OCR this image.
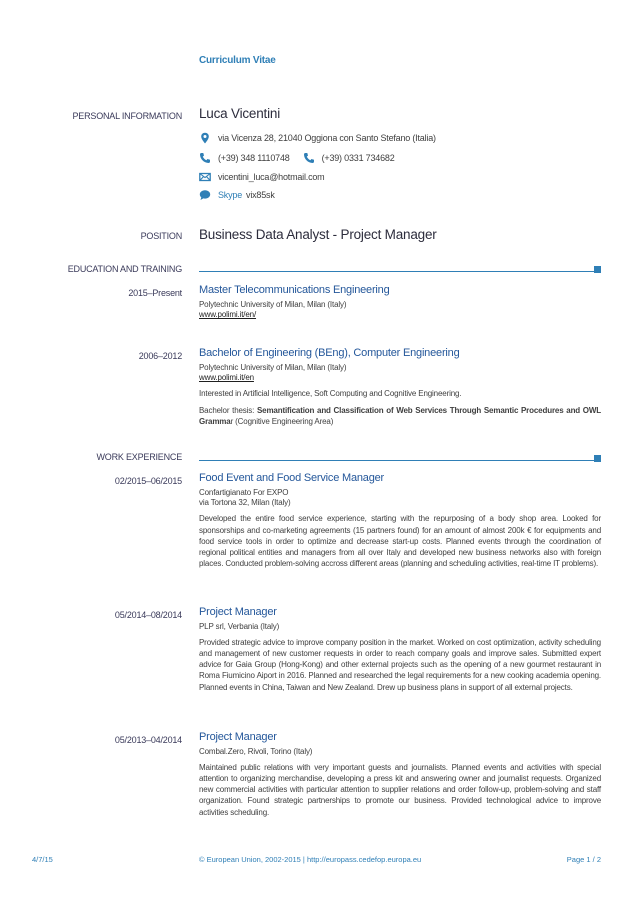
Curriculum Vitae
PERSONAL INFORMATION Luca Vicentini
via Vicenza 28, 21040 Oggiona con Santo Stefano (Italia)
(+39) 348 1110748	(+39) 0331 734682
vicentini_luca@hotmail.com
Skype vix85sk
POSITION Business Data Analyst - Project Manager
EDUCATION AND TRAINING
2015–Present Master Telecommunications Engineering
Polytechnic University of Milan, Milan (Italy)
www.polimi.it/en/
2006–2012 Bachelor of Engineering (BEng), Computer Engineering
Polytechnic University of Milan, Milan (Italy)
www.polimi.it/en
Interested in Artificial Intelligence, Soft Computing and Cognitive Engineering.
Bachelor thesis: Semantification and Classification of Web Services Through Semantic Procedures and OWL Grammar (Cognitive Engineering Area)
WORK EXPERIENCE
02/2015–06/2015 Food Event and Food Service Manager
Confartigianato For EXPO
via Tortona 32, Milan (Italy)
Developed the entire food service experience, starting with the repurposing of a body shop area. Looked for sponsorships and co-marketing agreements (15 partners found) for an amount of almost 200k € for equipments and food service tools in order to optimize and decrease start-up costs. Planned events through the coordination of regional political entities and managers from all over Italy and developed new business networks also with foreign places. Conducted problem-solving accross different areas (planning and scheduling activities, real-time IT problems).
05/2014–08/2014 Project Manager
PLP srl, Verbania (Italy)
Provided strategic advice to improve company position in the market. Worked on cost optimization, activity scheduling and management of new customer requests in order to reach company goals and improve sales. Submitted expert advice for Gaia Group (Hong-Kong) and other external projects such as the opening of a new gourmet restaurant in Roma Fiumicino Aiport in 2016. Planned and researched the legal requirements for a new cooking academia opening. Planned events in China, Taiwan and New Zealand. Drew up business plans in support of all external projects.
05/2013–04/2014 Project Manager
Combal.Zero, Rivoli, Torino (Italy)
Maintained public relations with very important guests and journalists. Planned events and activities with special attention to organizing merchandise, developing a press kit and answering owner and journalist requests. Organized new commercial activities with particular attention to supplier relations and order follow-up, problem-solving and staff organization. Found strategic partnerships to promote our business. Provided technological advice to improve activities scheduling.
4/7/15	© European Union, 2002-2015 | http://europass.cedefop.europa.eu	Page 1 / 2
